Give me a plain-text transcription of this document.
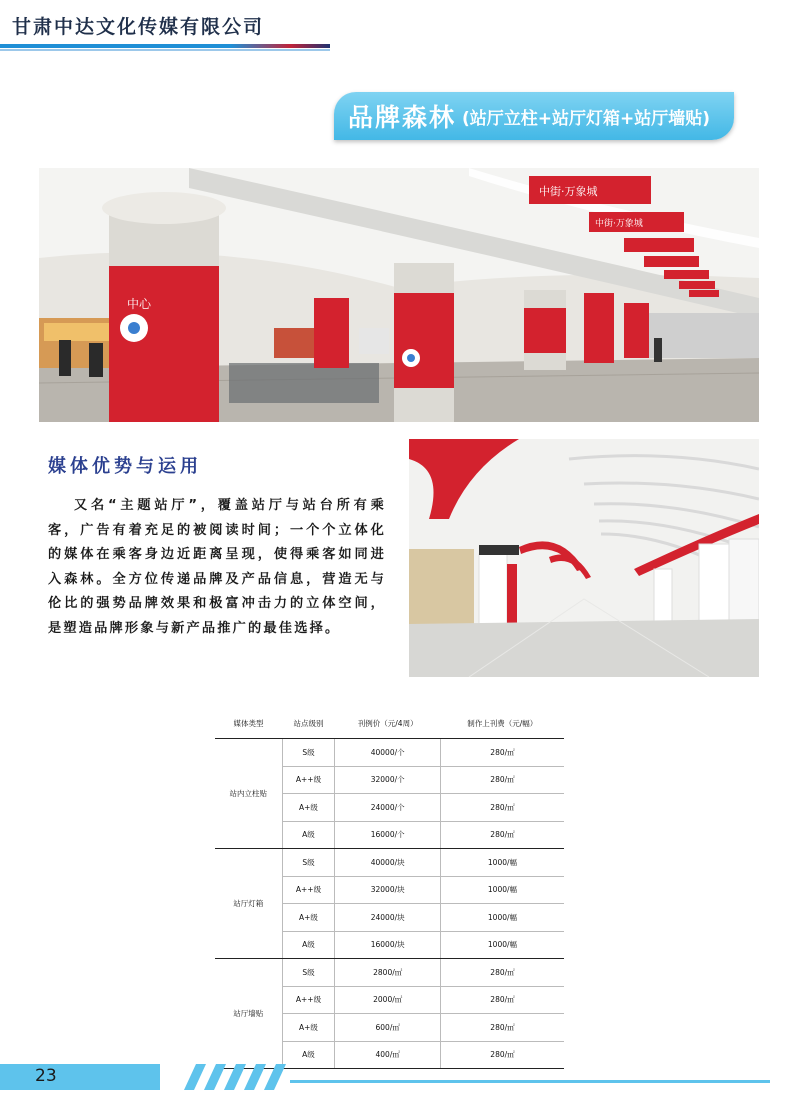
甘肃中达文化传媒有限公司
品牌森林 (站厅立柱+站厅灯箱+站厅墙贴)
中心
中街·万象城
中街·万象城
媒体优势与运用
又名“主题站厅”，覆盖站厅与站台所有乘客，广告有着充足的被阅读时间；一个个立体化的媒体在乘客身边近距离呈现，使得乘客如同进入森林。全方位传递品牌及产品信息，营造无与伦比的强势品牌效果和极富冲击力的立体空间，是塑造品牌形象与新产品推广的最佳选择。
媒体类型	站点级别	刊例价（元/4周）	制作上刊费（元/幅）
站内立柱贴	S级	40000/个	280/㎡
	A++级	32000/个	280/㎡
	A+级	24000/个	280/㎡
	A级	16000/个	280/㎡
站厅灯箱	S级	40000/块	1000/幅
	A++级	32000/块	1000/幅
	A+级	24000/块	1000/幅
	A级	16000/块	1000/幅
站厅墙贴	S级	2800/㎡	280/㎡
	A++级	2000/㎡	280/㎡
	A+级	600/㎡	280/㎡
	A级	400/㎡	280/㎡
23
